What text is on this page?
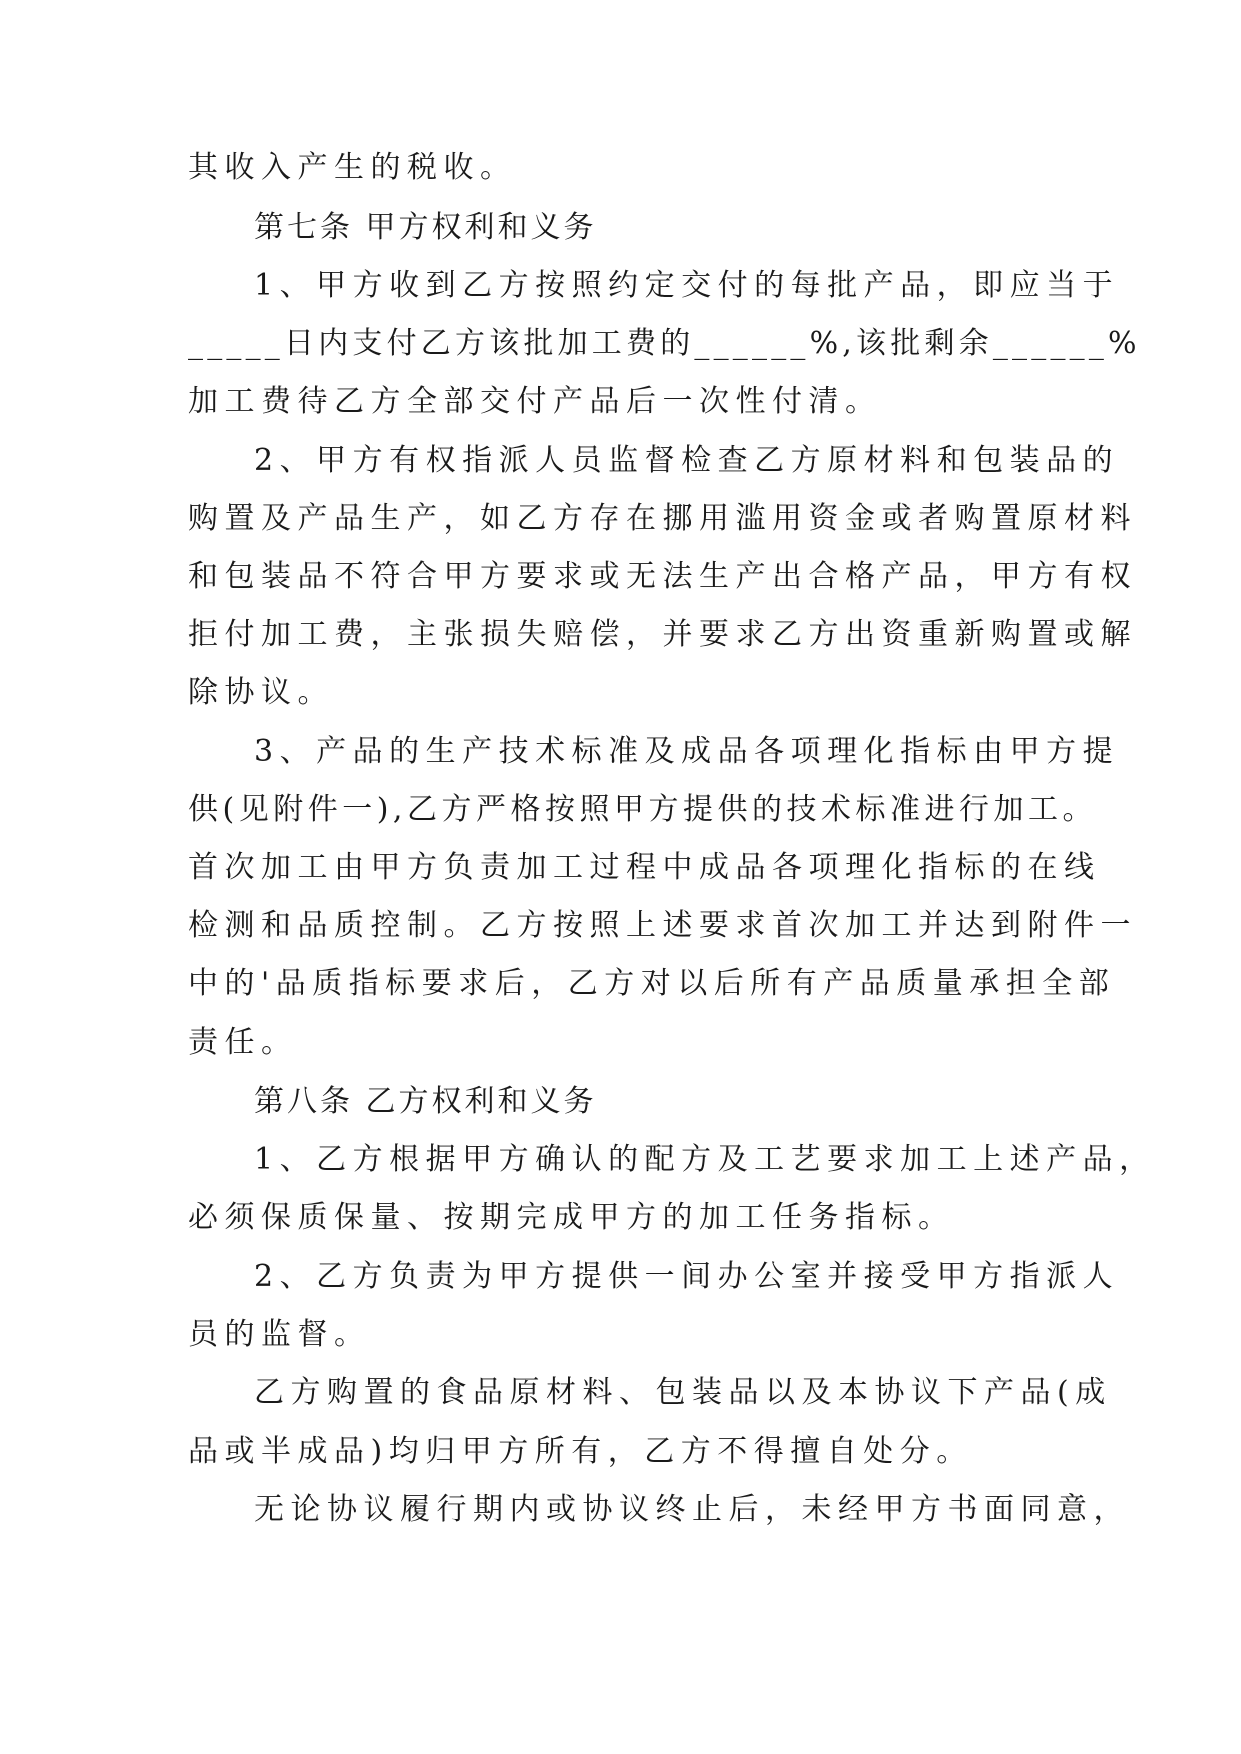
其收入产生的税收。
第七条 甲方权利和义务
1、甲方收到乙方按照约定交付的每批产品，即应当于
_____日内支付乙方该批加工费的______%,该批剩余______%
加工费待乙方全部交付产品后一次性付清。
2、甲方有权指派人员监督检查乙方原材料和包装品的
购置及产品生产，如乙方存在挪用滥用资金或者购置原材料
和包装品不符合甲方要求或无法生产出合格产品，甲方有权
拒付加工费，主张损失赔偿，并要求乙方出资重新购置或解
除协议。
3、产品的生产技术标准及成品各项理化指标由甲方提
供(见附件一),乙方严格按照甲方提供的技术标准进行加工。
首次加工由甲方负责加工过程中成品各项理化指标的在线
检测和品质控制。乙方按照上述要求首次加工并达到附件一
中的'品质指标要求后，乙方对以后所有产品质量承担全部
责任。
第八条 乙方权利和义务
1、乙方根据甲方确认的配方及工艺要求加工上述产品，
必须保质保量、按期完成甲方的加工任务指标。
2、乙方负责为甲方提供一间办公室并接受甲方指派人
员的监督。
乙方购置的食品原材料、包装品以及本协议下产品(成
品或半成品)均归甲方所有，乙方不得擅自处分。
无论协议履行期内或协议终止后，未经甲方书面同意，
